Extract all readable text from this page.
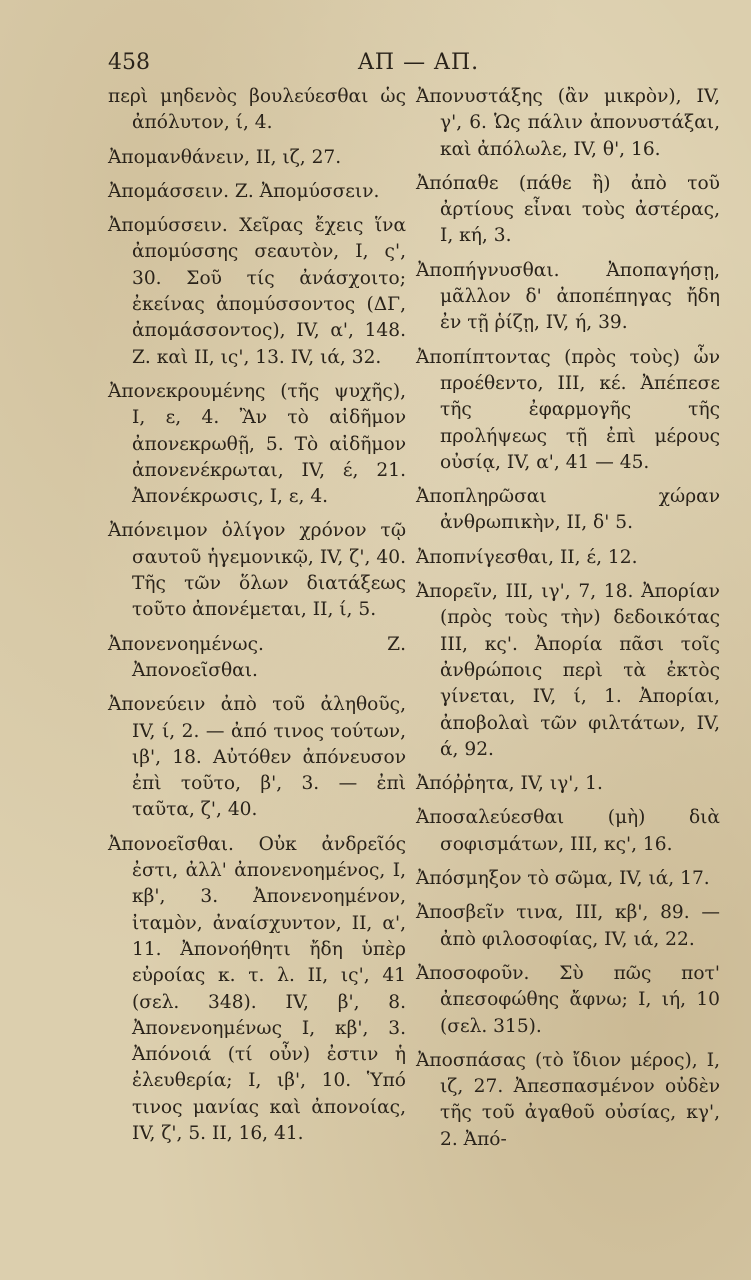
458	ΑΠ — ΑΠ.

περὶ μηδενὸς βουλεύεσθαι ὡς ἀπόλυτον, ί, 4.

Ἀπομανθάνειν, II, ιζ, 27.

Ἀπομάσσειν. Ζ. Ἀπομύσσειν.

Ἀπομύσσειν. Χεῖρας ἔχεις ἵνα ἀπομύσσης σεαυτὸν, I, ς', 30. Σοῦ τίς ἀνάσχοιτο; ἐκείνας ἀπομύσσοντος (ΔΓ, ἀπομάσσοντος), IV, α', 148. Ζ. καὶ II, ις', 13. IV, ιά, 32.

Ἀπονεκρουμένης (τῆς ψυχῆς), I, ε, 4. Ἂν τὸ αἰδῆμον ἀπονεκρωθῇ, 5. Τὸ αἰδῆμον ἀπονενέκρωται, IV, έ, 21. Ἀπονέκρωσις, I, ε, 4.

Ἀπόνειμον ὀλίγον χρόνον τῷ σαυτοῦ ἡγεμονικῷ, IV, ζ', 40. Τῆς τῶν ὅλων διατάξεως τοῦτο ἀπονέμεται, II, ί, 5.

Ἀπονενοημένως. Ζ. Ἀπονοεῖσθαι.

Ἀπονεύειν ἀπὸ τοῦ ἀληθοῦς, IV, ί, 2. — ἀπό τινος τούτων, ιβ', 18. Αὐτόθεν ἀπόνευσον ἐπὶ τοῦτο, β', 3. — ἐπὶ ταῦτα, ζ', 40.

Ἀπονοεῖσθαι. Οὐκ ἀνδρεῖός ἐστι, ἀλλ' ἀπονενοημένος, I, κβ', 3. Ἀπονενοημένον, ἰταμὸν, ἀναίσχυντον, II, α', 11. Ἀπονοήθητι ἤδη ὑπὲρ εὐροίας κ. τ. λ. II, ις', 41 (σελ. 348). IV, β', 8. Ἀπονενοημένως I, κβ', 3. Ἀπόνοιά (τί οὖν) ἐστιν ἡ ἐλευθερία; I, ιβ', 10. Ὑπό τινος μανίας καὶ ἀπονοίας, IV, ζ', 5. II, 16, 41.

Ἀπονυστάξης (ἂν μικρὸν), IV, γ', 6. Ὡς πάλιν ἀπονυστάξαι, καὶ ἀπόλωλε, IV, θ', 16.

Ἀπόπαθε (πάθε ἢ) ἀπὸ τοῦ ἀρτίους εἶναι τοὺς ἀστέρας, I, κή, 3.

Ἀποπήγνυσθαι. Ἀποπαγήσῃ, μᾶλλον δ' ἀποπέπηγας ἤδη ἐν τῇ ῥίζῃ, IV, ή, 39.

Ἀποπίπτοντας (πρὸς τοὺς) ὧν προέθεντο, III, κέ. Ἀπέπεσε τῆς ἐφαρμογῆς τῆς προλήψεως τῇ ἐπὶ μέρους οὐσίᾳ, IV, α', 41 — 45.

Ἀποπληρῶσαι χώραν ἀνθρωπικὴν, II, δ' 5.

Ἀποπνίγεσθαι, II, έ, 12.

Ἀπορεῖν, III, ιγ', 7, 18. Ἀπορίαν (πρὸς τοὺς τὴν) δεδοικότας III, κς'. Ἀπορία πᾶσι τοῖς ἀνθρώποις περὶ τὰ ἐκτὸς γίνεται, IV, ί, 1. Ἀπορίαι, ἀποβολαὶ τῶν φιλτάτων, IV, ά, 92.

Ἀπόῤῥητα, IV, ιγ', 1.

Ἀποσαλεύεσθαι (μὴ) διὰ σοφισμάτων, III, κς', 16.

Ἀπόσμηξον τὸ σῶμα, IV, ιά, 17.

Ἀποσβεῖν τινα, III, κβ', 89. — ἀπὸ φιλοσοφίας, IV, ιά, 22.

Ἀποσοφοῦν. Σὺ πῶς ποτ' ἀπεσοφώθης ἄφνω; I, ιή, 10 (σελ. 315).

Ἀποσπάσας (τὸ ἴδιον μέρος), I, ιζ, 27. Ἀπεσπασμένον οὐδὲν τῆς τοῦ ἀγαθοῦ οὐσίας, κγ', 2. Ἀπό-
